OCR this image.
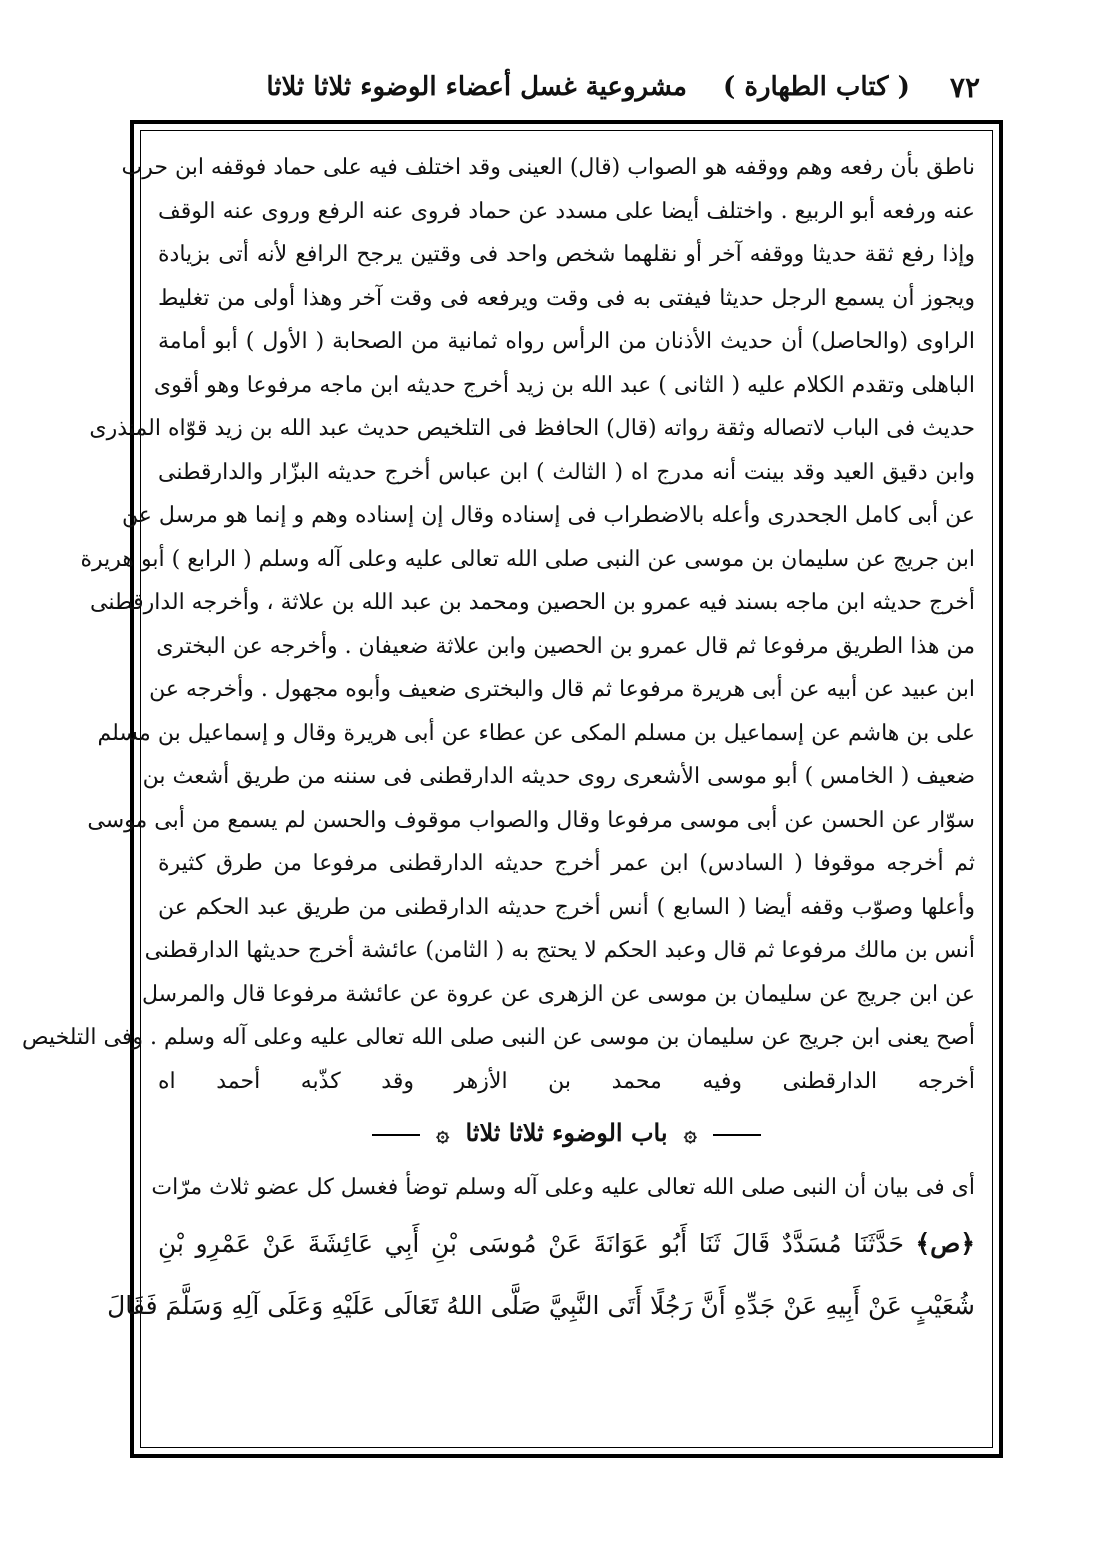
٧٢
( كتاب الطهارة )
مشروعية غسل أعضاء الوضوء ثلاثا ثلاثا
ناطق بأن رفعه وهم ووقفه هو الصواب (قال) العينى وقد اختلف فيه على حماد فوقفه ابن حرب
عنه ورفعه أبو الربيع . واختلف أيضا على مسدد عن حماد فروى عنه الرفع وروى عنه الوقف
وإذا رفع ثقة حديثا ووقفه آخر أو نقلهما شخص واحد فى وقتين يرجح الرافع لأنه أتى بزيادة
ويجوز أن يسمع الرجل حديثا فيفتى به فى وقت ويرفعه فى وقت آخر وهذا أولى من تغليط
الراوى (والحاصل) أن حديث الأذنان من الرأس رواه ثمانية من الصحابة ( الأول ) أبو أمامة
الباهلى وتقدم الكلام عليه ( الثانى ) عبد الله بن زيد أخرج حديثه ابن ماجه مرفوعا وهو أقوى
حديث فى الباب لاتصاله وثقة رواته (قال) الحافظ فى التلخيص حديث عبد الله بن زيد قوّاه المنذرى
وابن دقيق العيد وقد بينت أنه مدرج اه ( الثالث ) ابن عباس أخرج حديثه البزّار والدارقطنى
عن أبى كامل الجحدرى وأعله بالاضطراب فى إسناده وقال إن إسناده وهم و إنما هو مرسل عن
ابن جريج عن سليمان بن موسى عن النبى صلى الله تعالى عليه وعلى آله وسلم ( الرابع ) أبو هريرة
أخرج حديثه ابن ماجه بسند فيه عمرو بن الحصين ومحمد بن عبد الله بن علاثة ، وأخرجه الدارقطنى
من هذا الطريق مرفوعا ثم قال عمرو بن الحصين وابن علاثة ضعيفان . وأخرجه عن البخترى
ابن عبيد عن أبيه عن أبى هريرة مرفوعا ثم قال والبخترى ضعيف وأبوه مجهول . وأخرجه عن
على بن هاشم عن إسماعيل بن مسلم المكى عن عطاء عن أبى هريرة وقال و إسماعيل بن مسلم
ضعيف ( الخامس ) أبو موسى الأشعرى روى حديثه الدارقطنى فى سننه من طريق أشعث بن
سوّار عن الحسن عن أبى موسى مرفوعا وقال والصواب موقوف والحسن لم يسمع من أبى موسى
ثم أخرجه موقوفا ( السادس) ابن عمر أخرج حديثه الدارقطنى مرفوعا من طرق كثيرة
وأعلها وصوّب وقفه أيضا ( السابع ) أنس أخرج حديثه الدارقطنى من طريق عبد الحكم عن
أنس بن مالك مرفوعا ثم قال وعبد الحكم لا يحتج به ( الثامن) عائشة أخرج حديثها الدارقطنى
عن ابن جريج عن سليمان بن موسى عن الزهرى عن عروة عن عائشة مرفوعا قال والمرسل
أصح يعنى ابن جريج عن سليمان بن موسى عن النبى صلى الله تعالى عليه وعلى آله وسلم . وفى التلخيص
أخرجه الدارقطنى وفيه محمد بن الأزهر وقد كذّبه أحمد اه
۞ باب الوضوء ثلاثا ثلاثا ۞
أى فى بيان أن النبى صلى الله تعالى عليه وعلى آله وسلم توضأ فغسل كل عضو ثلاث مرّات
﴿ص﴾ حَدَّثَنَا مُسَدَّدٌ قَالَ ثَنَا أَبُو عَوَانَةَ عَنْ مُوسَى بْنِ أَبِي عَائِشَةَ عَنْ عَمْرِو بْنِ
شُعَيْبٍ عَنْ أَبِيهِ عَنْ جَدِّهِ أَنَّ رَجُلًا أَتَى النَّبِيَّ صَلَّى اللهُ تَعَالَى عَلَيْهِ وَعَلَى آلِهِ وَسَلَّمَ فَقَالَ
